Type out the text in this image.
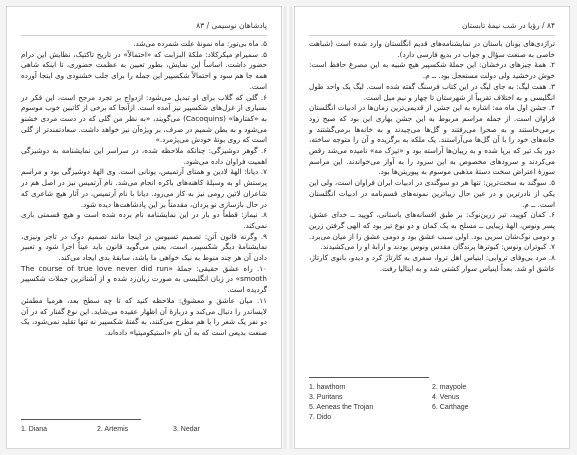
پادشاهان نوسیمی / ۸۳

۵. ماه بی‌تور: ماه نمونهٔ علت شمرده می‌شد.

۵. سمیرام میکرکلاد: ملکهٔ البزابت که «احتمالاً» در تاریخ تاکتیک، نظایش این درام حضور داشت. اساساً این نمایش، بطور تعیین به عظمت حضوری، تا اینکه شاهی همه جا هم سود و احتمالاً شکسپیر این جمله را برای جلب خشنودی وی اینجا آورده است.

۶. گلی که گلاب برای او تبدیل می‌شود: ازدواج بر تجرد مرجح است، این فکر در بسیاری از غزل‌های شکسپیر نیز آمده است. ازآنجا که برخی از کاتبین خوب موسوم به «کفتارها» (Cacoquins) می‌گویند، «به نظر من گلی که در دست مردی خشنو می‌شود و به بطن شمیم در صرف، بر ویژه‌آن نیز خواهد داشت. سعادتمندتر از گلی است که روی بوتهٔ خودش می‌پژمرد.»

۶. گوهر دوشیزگی: چنانکه ملاحظه شده، در سراسر این نمایشنامه به دوشیزگی اهمیت فراوان داده می‌شود.

۷. دیانا: الههٔ لادین و همتای آرتمیس، یونانی است. وی الههٔ دوشیزگی بود و مراسم پرستش او به وسیلهٔ کاهنه‌های باکره انجام می‌شد. نام آرتمیس نیز در اصل هم در شاعران لاتین رومی نیز به کار می‌رود. دیانا با نام آرتمیس، در آثار هیچ شاعری که در حال بازسازی نو یزدان، مقدمتاً بر این پادشاهت‌ها دیده شود.

۸. نیماز: قطعاً دو بار در این نمایشنامه نام برده شده است و هیچ قسمتی بازی نمی‌کند.

۹. وگرنه قانون آتن: تصمیم تسیوس در اینجا مانند تصمیم دوک در تاجر ونیزی، نمایشنامهٔ دیگر شکسپیر، است، یعنی می‌گوید قانون باید عیناً اجرا شود و تعبیر دادن آن هر چند منوط به نیک خواهی ما باشد، سابقهٔ بدی ایجاد می‌کند.

۱۰. راه عشق حقیقی: جملهٔ «The course of true love never did run smooth» در زبان انگلیسی به صورت زبان‌زد شده و از آشناترین جملات شکسپیر گردیده است.

۱۱. میان عاشق و معشوق: ملاحظه کنید که تا چه سطح بعد، هرمیا مطمئن لایساندر را دنبال می‌کند و دربارهٔ آن اظهار عقیده می‌شاید. این نوع گفتار که در آن دو نفر یک شعر را با هم مطرح می‌کنند، به گفتهٔ شکسپیر نه تنها تقلید نمی‌شود، یک صنعت بدیعی است که به آن نام «استیکومیتیا» داده‌اند.

1. Diana	2. Artemis	3. Nedar
۸۴ / رؤیا در شب نیمهٔ تابستان

تراژدی‌های یونان باستان در نمایشنامه‌های قدیم انگلستان وارد شده است (شباهت خاصی به صنعت سؤال و جواب در بدیع فارسی دارد).

۲. همهٔ چیزهای درخشان: این جملهٔ شکسپیر هیچ شبیه به این مصرع حافظ است: خوش درخشید ولی دولت مستعجل بود. ــ م.

۳. هفت لیگ: به جای لیگ در این کتاب فرسنگ گفته شده است. لیگ یک واحد طول انگلیسی و به اختلاف تقریباً از شهرستان تا چهار و نیم میل است.

۴. جشن اول ماه مه: اشاره به این جشن از قدیمی‌ترین زمان‌ها در ادبیات انگلستان فراوان است. از جمله مراسم مربوط به این جشن بهاری این بود که صبح زود برمی‌خاستند و به صحرا می‌رفتند و گل‌ها می‌چیدند و به خانه‌ها برمی‌گشتند و خانه‌های خود را با آن گل‌ها می‌آراستند. یک ملکه به برگزیده و آن را متوجه ساخته، دور یک تیر که برپا شده و به ریبان‌ها آراسته بود و «تیرک مه» نامیده می‌شد رقص می‌کردند و سرودهای مخصوص به این سرود را به آواز می‌خواندند. این مراسم سورهٔ اعتراض سخت دستهٔ مذهبی موسوم به پیوریتن‌ها بود.

۵. سوگند به سخت‌ترین: تنها هر دو سوگندی در ادبیات ایران فراوان است، ولی این یکی از نادرترین و در عین حال زیباترین نمونه‌های قسم‌نامه در ادبیات انگلستان است. ــ م.

۶. کمان کوپید، تیر زرین‌نوک: بر طبق افسانه‌های باستانی، کوپید ــ خدای عشق، پسر ونوس، الههٔ زیبایی ــ مسلح به یک کمان و دو نوع تیر بود که الهی گرفتن زرین و دومی نوک‌شان سربی بود. اولی سبب عشق بود و دومی عشق را از میان می‌برد.

۷. کبوتران ونوس: کبوترها پرندگان مقدس ونوس بودند و ارابهٔ او را می‌کشیدند.

۸. مرد بی‌وفای تروایی: اینیاس اهل تروا، سفری به کارتاژ کرد و دیدو، بانوی کارتاژ، عاشق او شد. بعداً اینیاس سوار کشتی شد و به ایتالیا رفت.

1. hawthorn	2. maypole
3. Puritans	4. Venus
5. Aeneas the Trojan	6. Carthage
7. Dido
